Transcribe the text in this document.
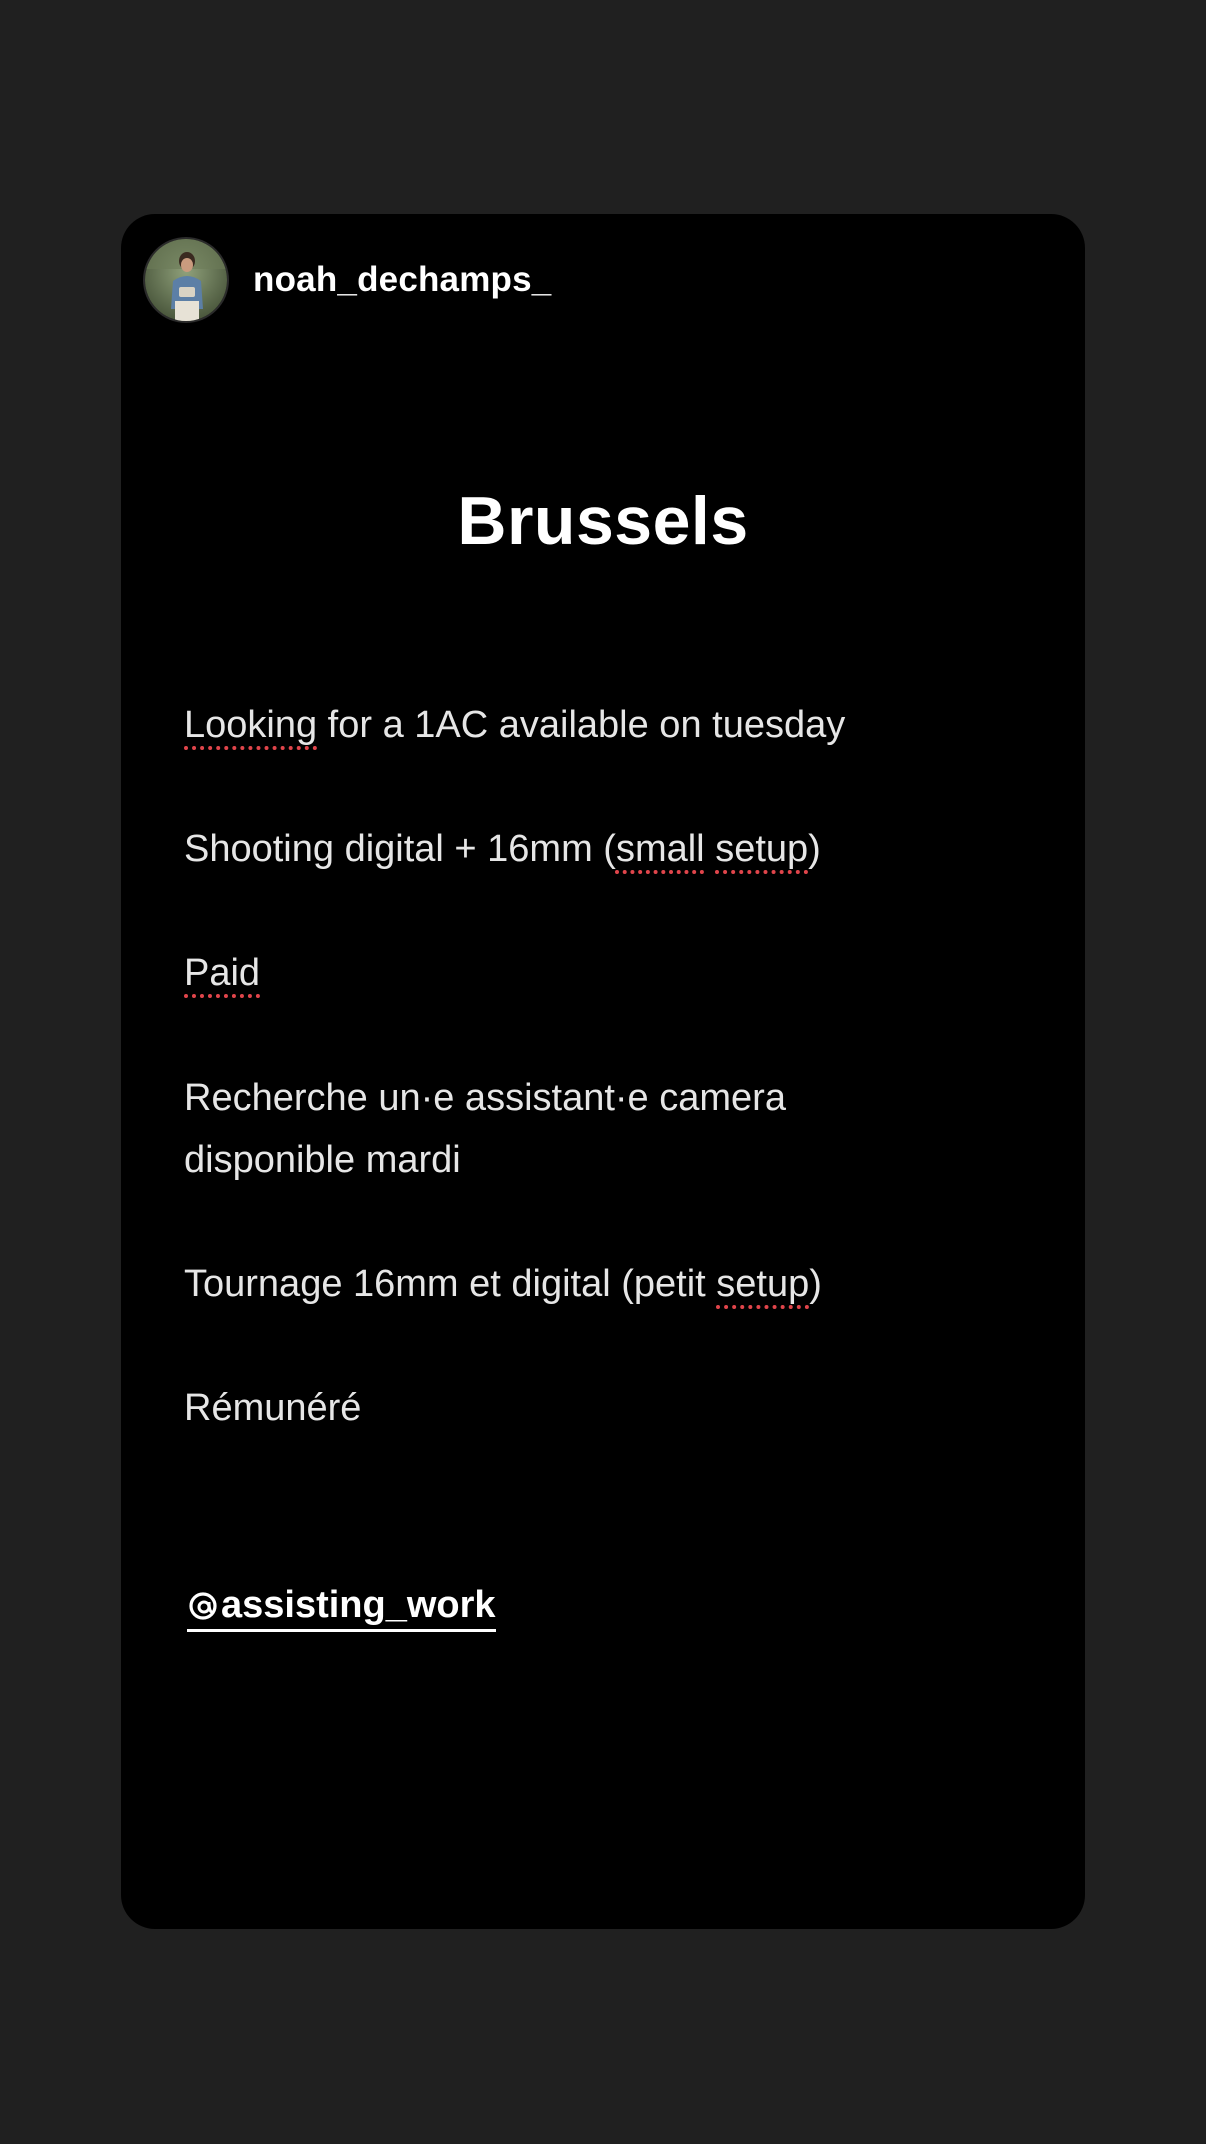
noah_dechamps_
Brussels

Looking for a 1AC available on tuesday

Shooting digital + 16mm (small setup)

Paid

Recherche un·e assistant·e camera
disponible mardi

Tournage 16mm et digital (petit setup)

Rémunéré

assisting_work
